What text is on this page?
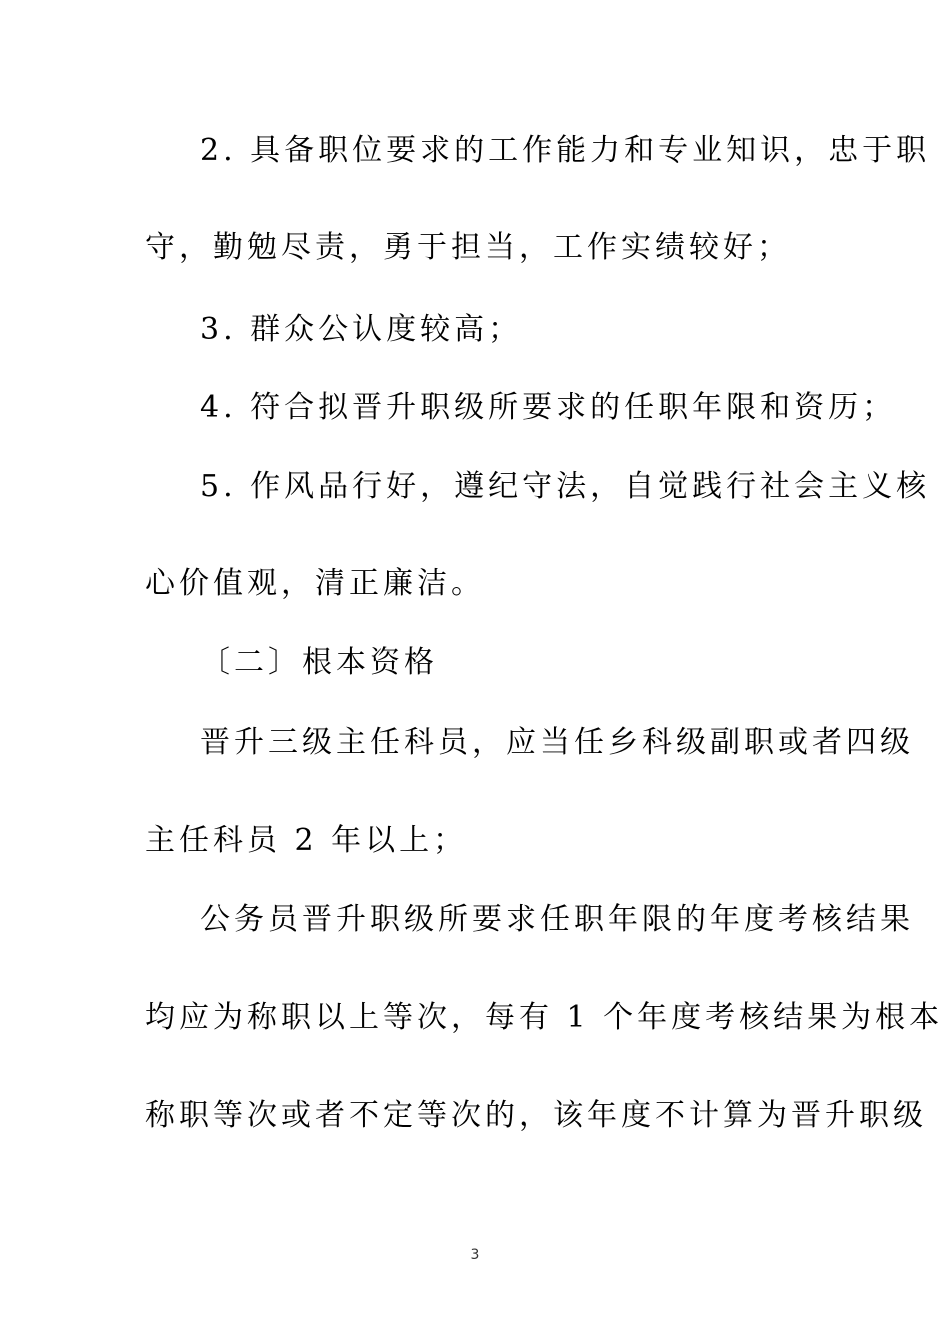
2. 具备职位要求的工作能力和专业知识，忠于职
守，勤勉尽责，勇于担当，工作实绩较好；
3. 群众公认度较高；
4. 符合拟晋升职级所要求的任职年限和资历；
5. 作风品行好，遵纪守法，自觉践行社会主义核
心价值观，清正廉洁。
〔二〕根本资格
晋升三级主任科员，应当任乡科级副职或者四级
主任科员 2 年以上；
公务员晋升职级所要求任职年限的年度考核结果
均应为称职以上等次，每有 1 个年度考核结果为根本
称职等次或者不定等次的，该年度不计算为晋升职级
3
